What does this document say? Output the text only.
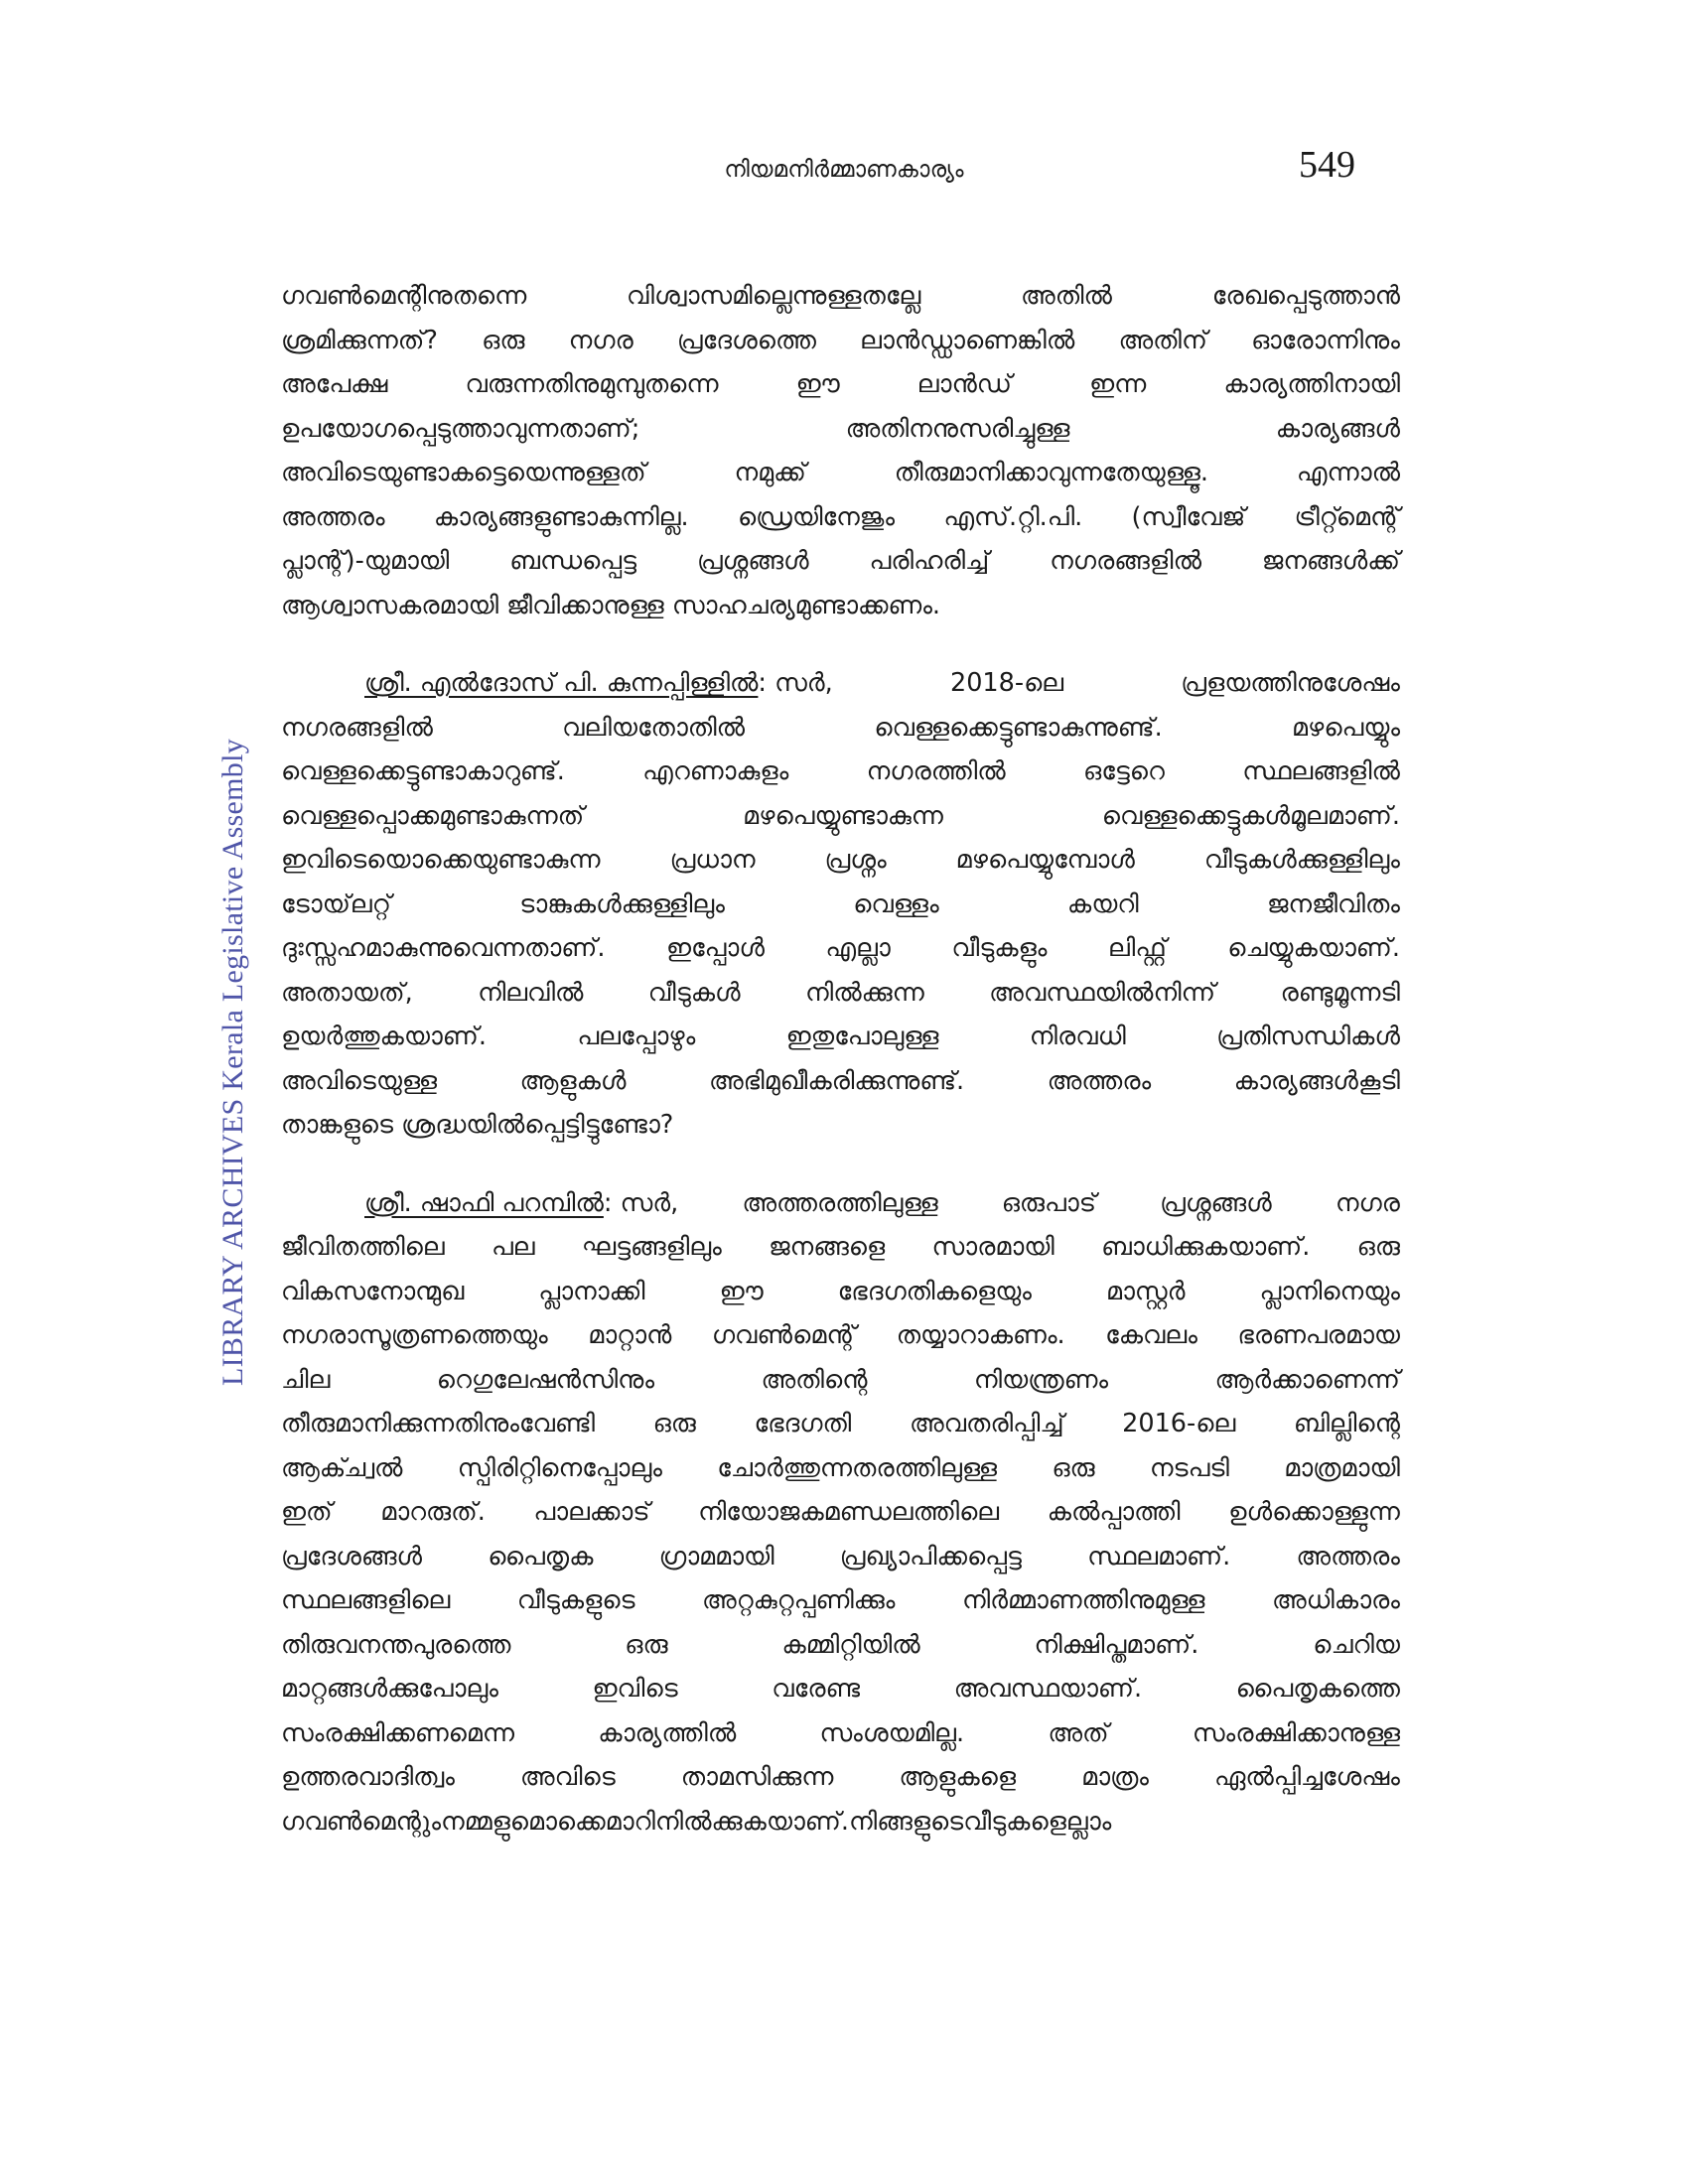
നിയമനിർമ്മാണകാര്യം	549
LIBRARY ARCHIVES Kerala Legislative Assembly
ഗവൺമെന്റിനുതന്നെ	വിശ്വാസമില്ലെന്നുള്ളതല്ലേ	അതിൽ	രേഖപ്പെടുത്താൻ
ശ്രമിക്കുന്നത്? ഒരു നഗര പ്രദേശത്തെ ലാൻഡ്ഡാണെങ്കിൽ അതിന് ഓരോന്നിനും
അപേക്ഷ	വരുന്നതിനുമുമ്പുതന്നെ	ഈ	ലാൻഡ്	ഇന്ന	കാര്യത്തിനായി
ഉപയോഗപ്പെടുത്താവുന്നതാണ്;	അതിനനുസരിച്ചുള്ള	കാര്യങ്ങൾ
അവിടെയുണ്ടാകട്ടെയെന്നുള്ളത്	നമുക്ക്	തീരുമാനിക്കാവുന്നതേയുള്ളൂ.	എന്നാൽ
അത്തരം കാര്യങ്ങളുണ്ടാകുന്നില്ല. ഡ്രെയിനേജും എസ്.റ്റി.പി. (സ്വീവേജ് ട്രീറ്റ്മെന്റ്
പ്ലാന്റ്)-യുമായി ബന്ധപ്പെട്ട പ്രശ്നങ്ങൾ പരിഹരിച്ച് നഗരങ്ങളിൽ ജനങ്ങൾക്ക്
ആശ്വാസകരമായി ജീവിക്കാനുള്ള സാഹചര്യമുണ്ടാക്കണം.
ശ്രീ. എൽദോസ് പി. കുന്നപ്പിള്ളിൽ: സർ,	2018-ലെ	പ്രളയത്തിനുശേഷം
നഗരങ്ങളിൽ	വലിയതോതിൽ	വെള്ളക്കെട്ടുണ്ടാകുന്നുണ്ട്.	മഴപെയ്യും
വെള്ളക്കെട്ടുണ്ടാകാറുണ്ട്.	എറണാകുളം	നഗരത്തിൽ	ഒട്ടേറെ	സ്ഥലങ്ങളിൽ
വെള്ളപ്പൊക്കമുണ്ടാകുന്നത്	മഴപെയ്യുണ്ടാകുന്ന	വെള്ളക്കെട്ടുകൾമൂലമാണ്.
ഇവിടെയൊക്കെയുണ്ടാകുന്ന	പ്രധാന	പ്രശ്നം	മഴപെയ്യുമ്പോൾ	വീടുകൾക്കുള്ളിലും
ടോയ്‌ലറ്റ്	ടാങ്കുകൾക്കുള്ളിലും	വെള്ളം	കയറി	ജനജീവിതം
ദുഃസ്സഹമാകുന്നുവെന്നതാണ്. ഇപ്പോൾ എല്ലാ വീടുകളും ലിഫ്റ്റ് ചെയ്യുകയാണ്.
അതായത്,	നിലവിൽ	വീടുകൾ	നിൽക്കുന്ന	അവസ്ഥയിൽനിന്ന്	രണ്ടുമൂന്നടി
ഉയർത്തുകയാണ്.	പലപ്പോഴും	ഇതുപോലുള്ള	നിരവധി	പ്രതിസന്ധികൾ
അവിടെയുള്ള	ആളുകൾ	അഭിമുഖീകരിക്കുന്നുണ്ട്.	അത്തരം	കാര്യങ്ങൾകൂടി
താങ്കളുടെ ശ്രദ്ധയിൽപ്പെട്ടിട്ടുണ്ടോ?
ശ്രീ. ഷാഫി പറമ്പിൽ: സർ,	അത്തരത്തിലുള്ള	ഒരുപാട്	പ്രശ്നങ്ങൾ	നഗര
ജീവിതത്തിലെ പല ഘട്ടങ്ങളിലും ജനങ്ങളെ സാരമായി ബാധിക്കുകയാണ്. ഒരു
വികസനോന്മുഖ	പ്ലാനാക്കി	ഈ	ഭേദഗതികളെയും	മാസ്റ്റർ	പ്ലാനിനെയും
നഗരാസൂത്രണത്തെയും മാറ്റാൻ ഗവൺമെന്റ് തയ്യാറാകണം. കേവലം ഭരണപരമായ
ചില	റെഗുലേഷൻസിനും	അതിന്റെ	നിയന്ത്രണം	ആർക്കാണെന്ന്
തീരുമാനിക്കുന്നതിനുംവേണ്ടി ഒരു ഭേദഗതി അവതരിപ്പിച്ച് 2016-ലെ ബില്ലിന്റെ
ആക്ച്വൽ സ്പിരിറ്റിനെപ്പോലും ചോർത്തുന്നതരത്തിലുള്ള ഒരു നടപടി മാത്രമായി
ഇത് മാറരുത്. പാലക്കാട് നിയോജകമണ്ഡലത്തിലെ കൽപ്പാത്തി ഉൾക്കൊള്ളുന്ന
പ്രദേശങ്ങൾ	പൈതൃക	ഗ്രാമമായി	പ്രഖ്യാപിക്കപ്പെട്ട	സ്ഥലമാണ്.	അത്തരം
സ്ഥലങ്ങളിലെ	വീടുകളുടെ	അറ്റകുറ്റപ്പണിക്കും	നിർമ്മാണത്തിനുമുള്ള	അധികാരം
തിരുവനന്തപുരത്തെ	ഒരു	കമ്മിറ്റിയിൽ	നിക്ഷിപ്തമാണ്.	ചെറിയ
മാറ്റങ്ങൾക്കുപോലും	ഇവിടെ	വരേണ്ട	അവസ്ഥയാണ്.	പൈതൃകത്തെ
സംരക്ഷിക്കണമെന്ന	കാര്യത്തിൽ	സംശയമില്ല.	അത്	സംരക്ഷിക്കാനുള്ള
ഉത്തരവാദിത്വം	അവിടെ	താമസിക്കുന്ന	ആളുകളെ	മാത്രം	ഏൽപ്പിച്ചശേഷം
ഗവൺമെന്റും നമ്മളുമൊക്കെ മാറി നിൽക്കുകയാണ്. നിങ്ങളുടെ വീടുകളെല്ലാം
